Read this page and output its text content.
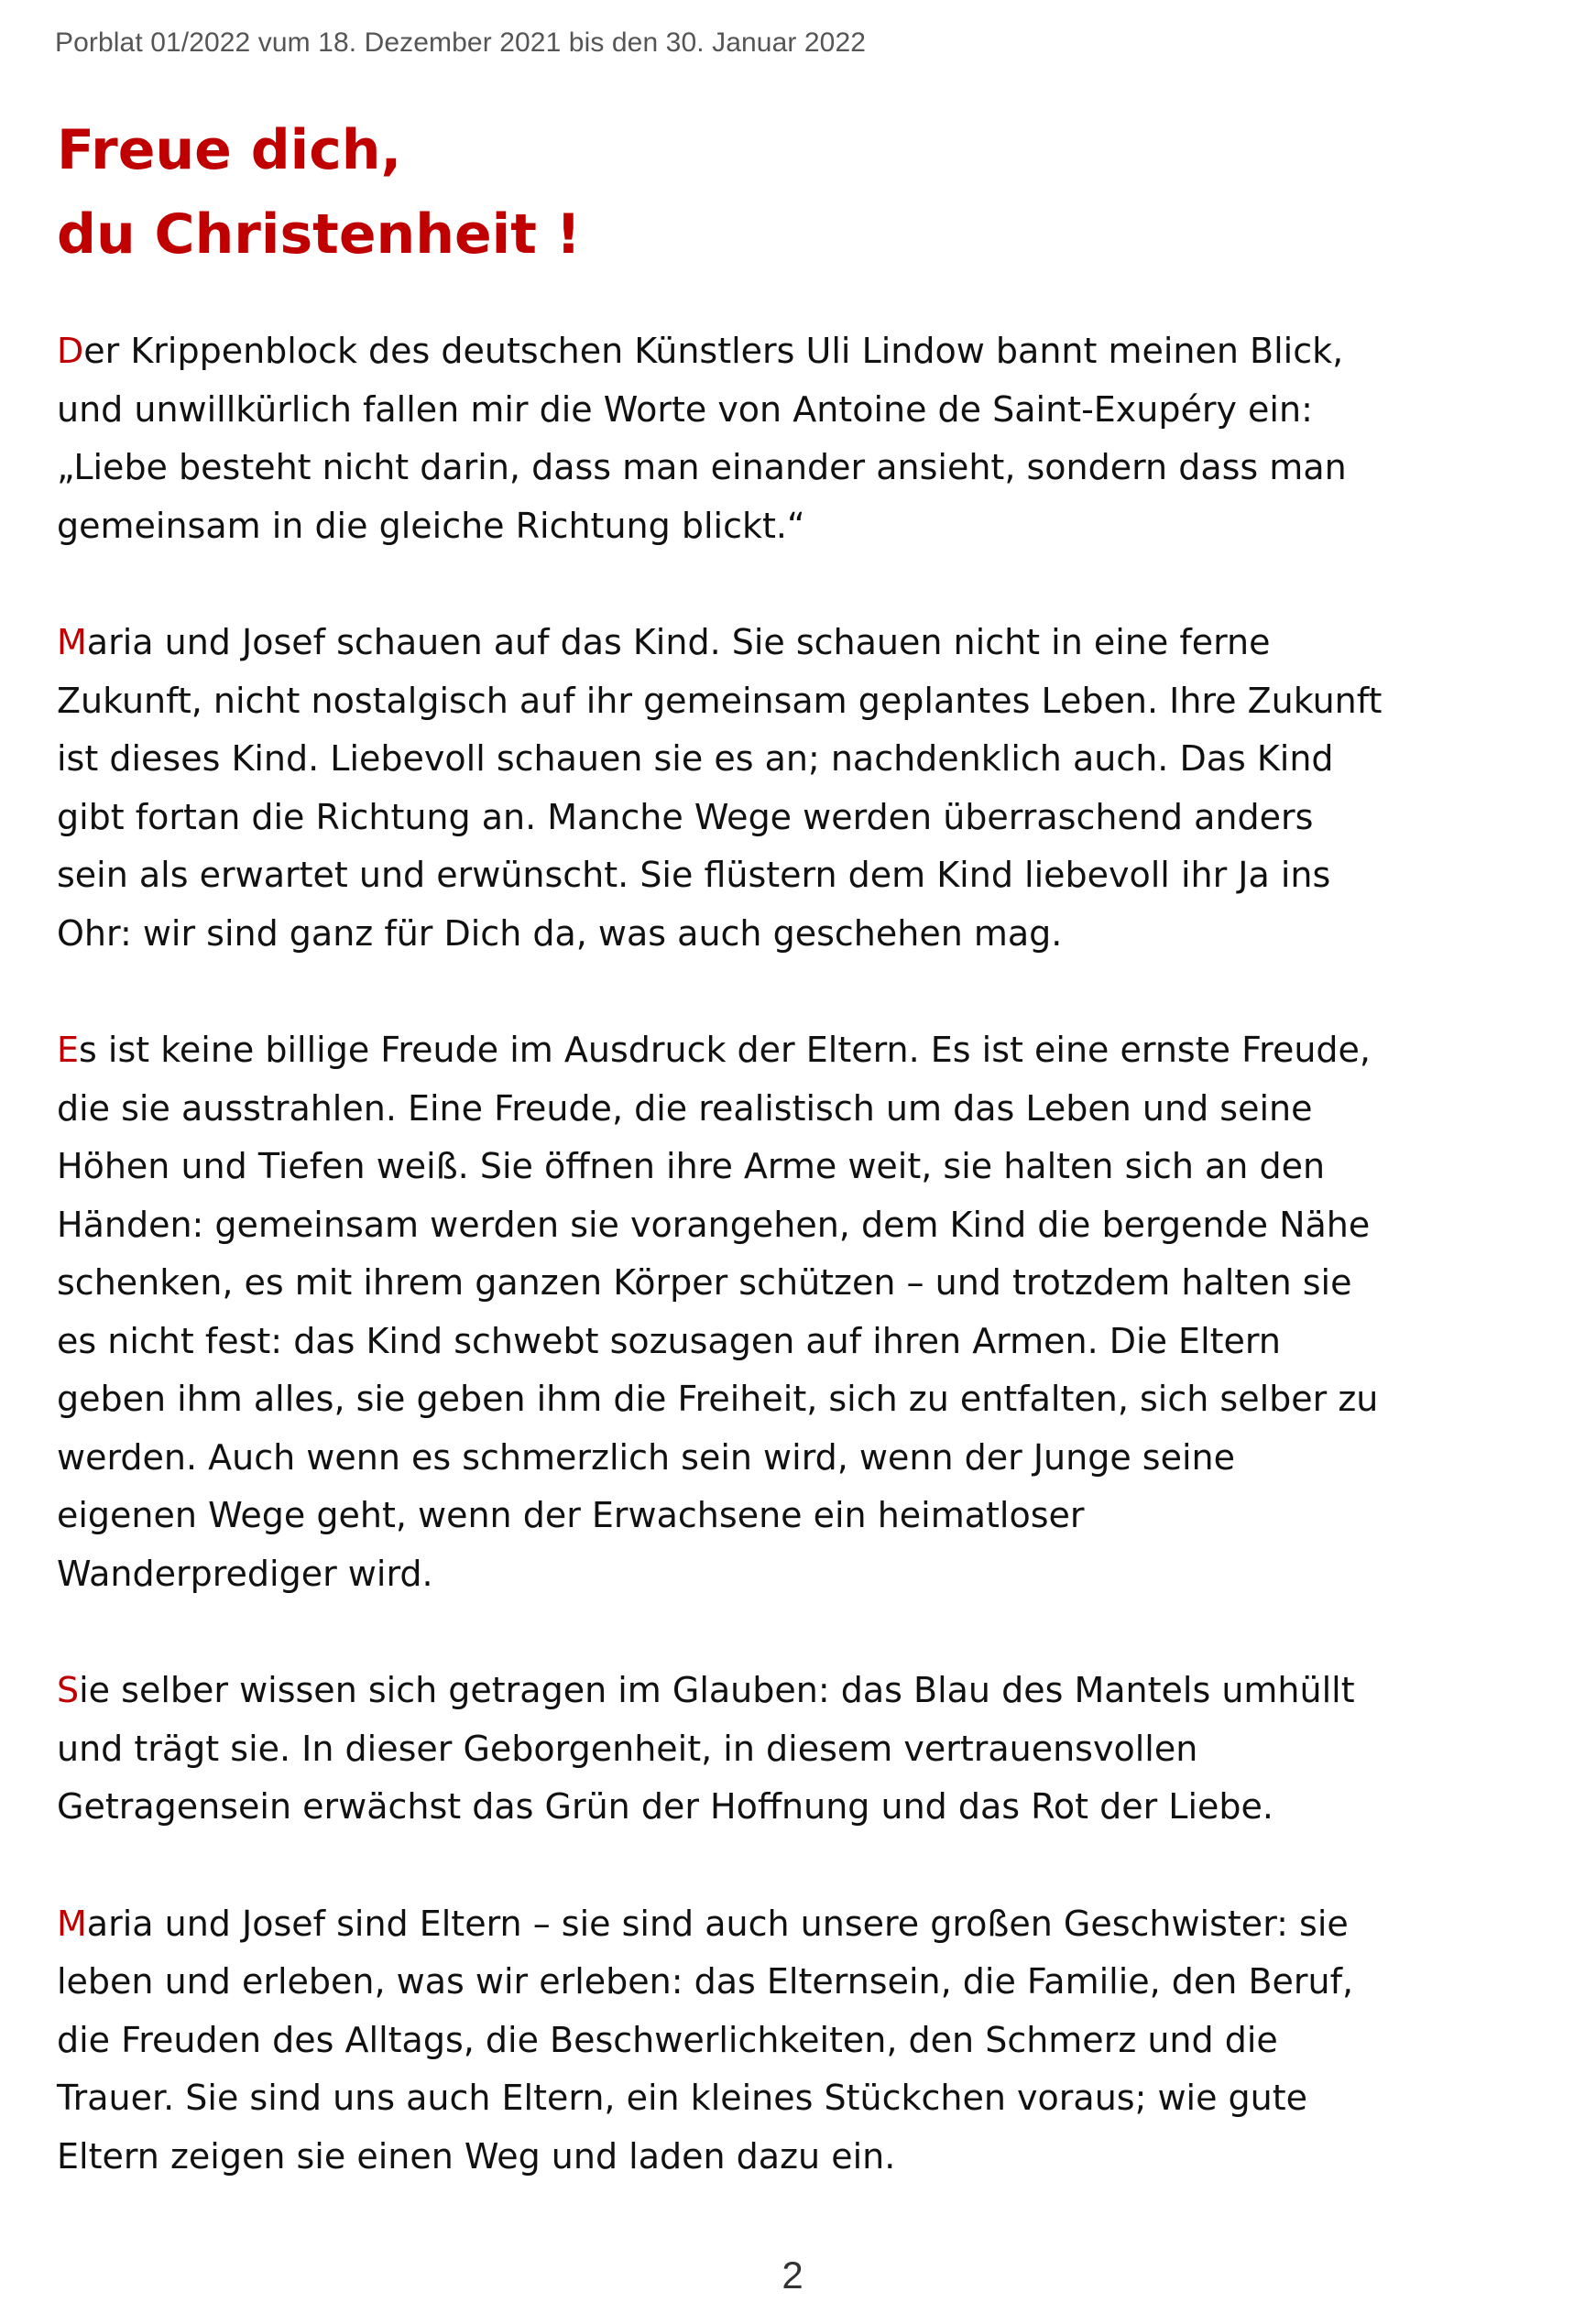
Porblat 01/2022 vum 18. Dezember 2021 bis den 30. Januar 2022
Freue dich,
du Christenheit !

Der Krippenblock des deutschen Künstlers Uli Lindow bannt meinen Blick,
und unwillkürlich fallen mir die Worte von Antoine de Saint-Exupéry ein:
„Liebe besteht nicht darin, dass man einander ansieht, sondern dass man
gemeinsam in die gleiche Richtung blickt.“

Maria und Josef schauen auf das Kind. Sie schauen nicht in eine ferne
Zukunft, nicht nostalgisch auf ihr gemeinsam geplantes Leben. Ihre Zukunft
ist dieses Kind. Liebevoll schauen sie es an; nachdenklich auch. Das Kind
gibt fortan die Richtung an. Manche Wege werden überraschend anders
sein als erwartet und erwünscht. Sie flüstern dem Kind liebevoll ihr Ja ins
Ohr: wir sind ganz für Dich da, was auch geschehen mag.

Es ist keine billige Freude im Ausdruck der Eltern. Es ist eine ernste Freude,
die sie ausstrahlen. Eine Freude, die realistisch um das Leben und seine
Höhen und Tiefen weiß. Sie öffnen ihre Arme weit, sie halten sich an den
Händen: gemeinsam werden sie vorangehen, dem Kind die bergende Nähe
schenken, es mit ihrem ganzen Körper schützen – und trotzdem halten sie
es nicht fest: das Kind schwebt sozusagen auf ihren Armen. Die Eltern
geben ihm alles, sie geben ihm die Freiheit, sich zu entfalten, sich selber zu
werden. Auch wenn es schmerzlich sein wird, wenn der Junge seine
eigenen Wege geht, wenn der Erwachsene ein heimatloser
Wanderprediger wird.

Sie selber wissen sich getragen im Glauben: das Blau des Mantels umhüllt
und trägt sie. In dieser Geborgenheit, in diesem vertrauensvollen
Getragensein erwächst das Grün der Hoffnung und das Rot der Liebe.

Maria und Josef sind Eltern – sie sind auch unsere großen Geschwister: sie
leben und erleben, was wir erleben: das Elternsein, die Familie, den Beruf,
die Freuden des Alltags, die Beschwerlichkeiten, den Schmerz und die
Trauer. Sie sind uns auch Eltern, ein kleines Stückchen voraus; wie gute
Eltern zeigen sie einen Weg und laden dazu ein.

2
